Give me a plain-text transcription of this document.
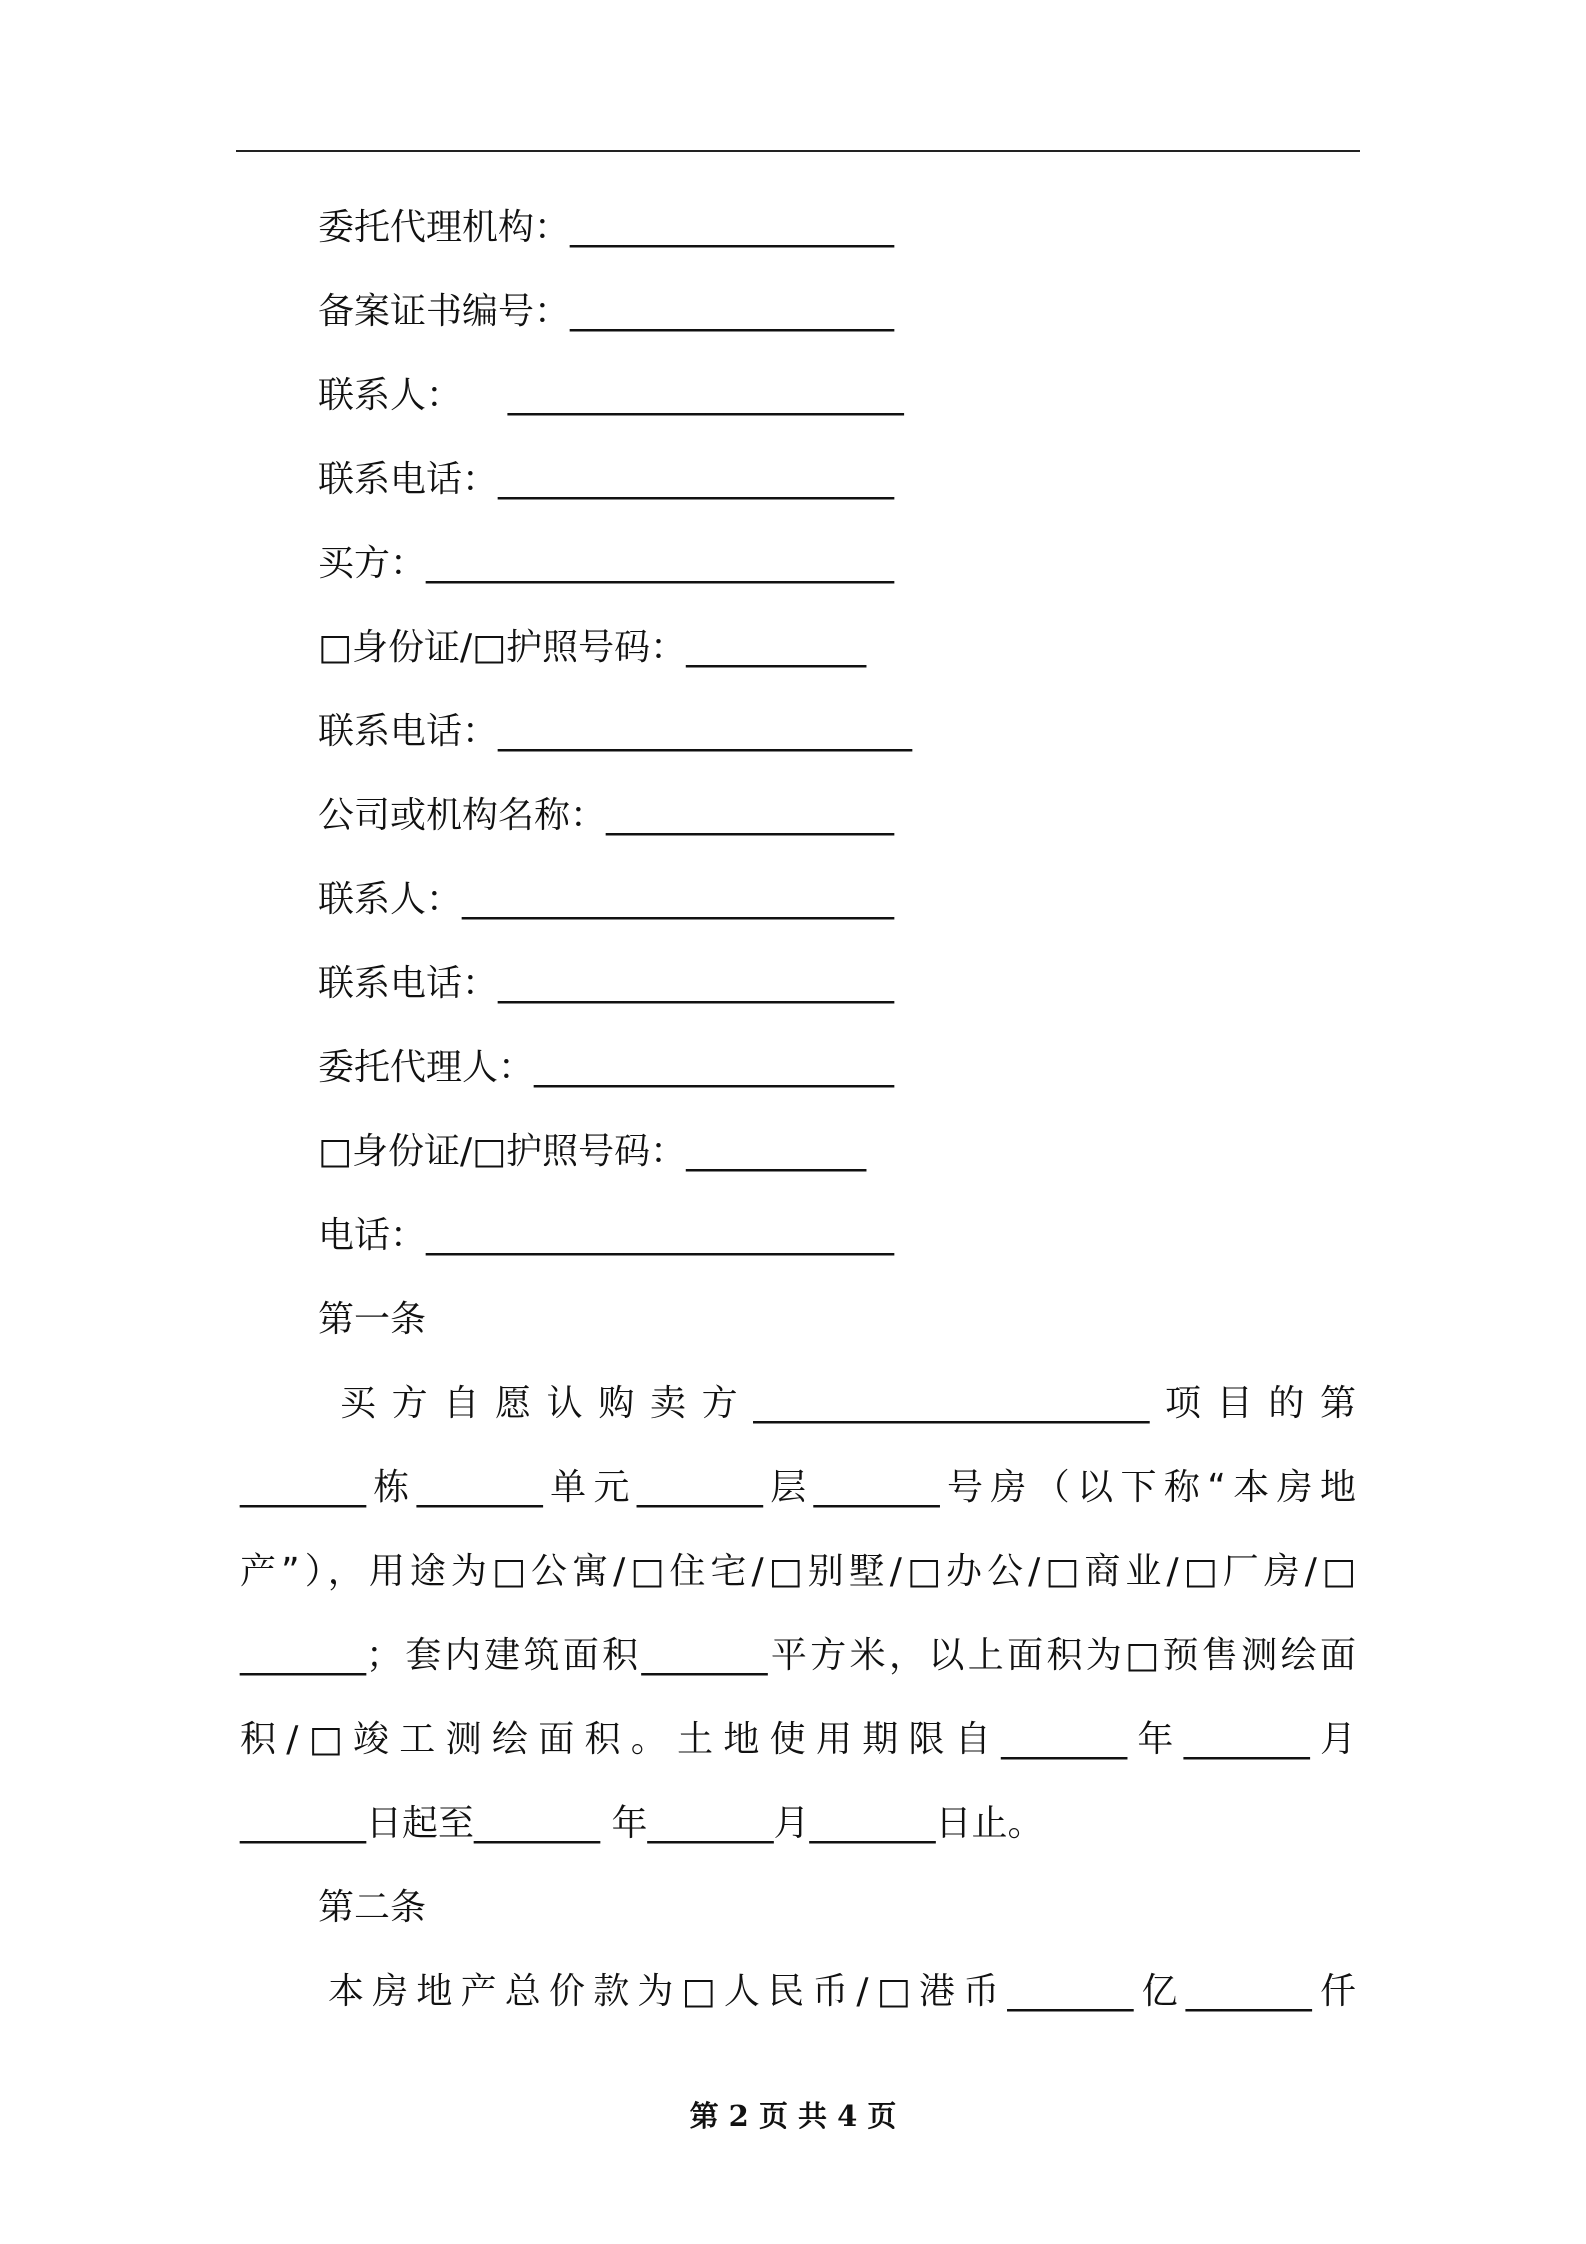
委托代理机构：__________________
备案证书编号：__________________
联系人：    ______________________
联系电话：______________________
买方：__________________________
□身份证/□护照号码：__________
联系电话：_______________________
公司或机构名称：________________
联系人：________________________
联系电话：______________________
委托代理人：____________________
□身份证/□护照号码：__________
电话：__________________________
第一条
买方自愿认购卖方______________________项目的第
_______栋_______单元_______层_______号房（以下称“本房地
产”），用途为□公寓/□住宅/□别墅/□办公/□商业/□厂房/□
_______；套内建筑面积_______平方米，以上面积为□预售测绘面
积/□竣工测绘面积。土地使用期限自_______年_______月
_______日起至_______ 年_______月_______日止。
第二条
本房地产总价款为□人民币/□港币_______亿_______仟
第 2 页 共 4 页
